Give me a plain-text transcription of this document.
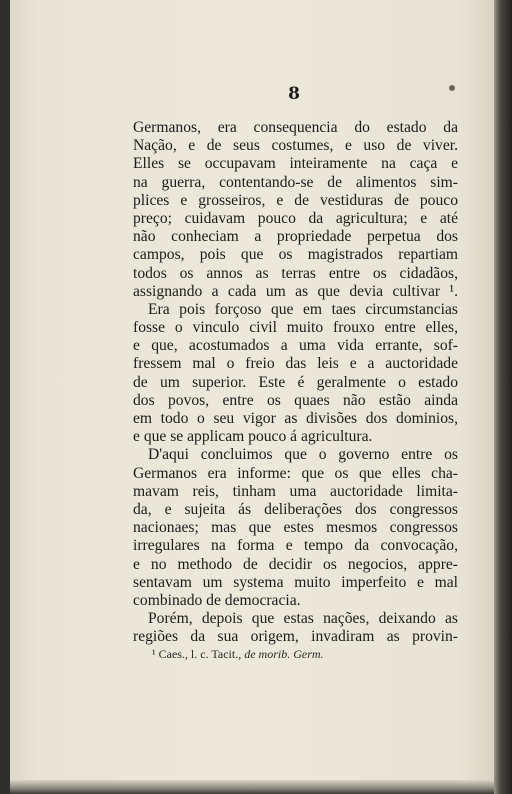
8
Germanos, era consequencia do estado da
Nação, e de seus costumes, e uso de viver.
Elles se occupavam inteiramente na caça e
na guerra, contentando-se de alimentos sim-
plices e grosseiros, e de vestiduras de pouco
preço; cuidavam pouco da agricultura; e até
não conheciam a propriedade perpetua dos
campos, pois que os magistrados repartiam
todos os annos as terras entre os cidadãos,
assignando a cada um as que devia cultivar ¹.
Era pois forçoso que em taes circumstancias
fosse o vinculo civil muito frouxo entre elles,
e que, acostumados a uma vida errante, sof-
fressem mal o freio das leis e a auctoridade
de um superior. Este é geralmente o estado
dos povos, entre os quaes não estão ainda
em todo o seu vigor as divisões dos dominios,
e que se applicam pouco á agricultura.
D'aqui concluimos que o governo entre os
Germanos era informe: que os que elles cha-
mavam reis, tinham uma auctoridade limita-
da, e sujeita ás deliberações dos congressos
nacionaes; mas que estes mesmos congressos
irregulares na forma e tempo da convocação,
e no methodo de decidir os negocios, appre-
sentavam um systema muito imperfeito e mal
combinado de democracia.
Porém, depois que estas nações, deixando as
regiões da sua origem, invadiram as provin-
¹ Caes., l. c. Tacit., de morib. Germ.
